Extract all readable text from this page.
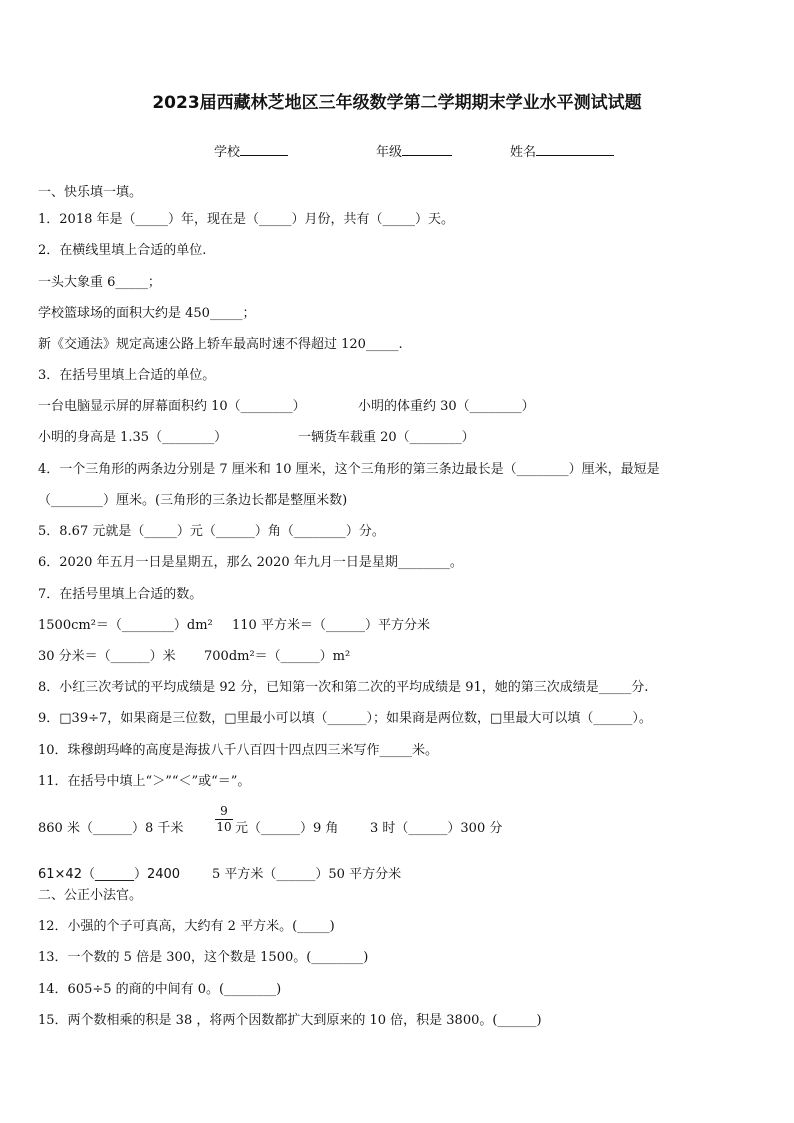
2023届西藏林芝地区三年级数学第二学期期末学业水平测试试题
学校	年级	姓名
一、快乐填一填。
1．2018 年是（_____）年，现在是（_____）月份，共有（_____）天。
2．在横线里填上合适的单位.
一头大象重 6_____；
学校篮球场的面积大约是 450_____；
新《交通法》规定高速公路上轿车最高时速不得超过 120_____.
3．在括号里填上合适的单位。
一台电脑显示屏的屏幕面积约 10（________）	小明的体重约 30（________）
小明的身高是 1.35（________）	一辆货车载重 20（________）
4．一个三角形的两条边分别是 7 厘米和 10 厘米，这个三角形的第三条边最长是（________）厘米，最短是
（________）厘米。(三角形的三条边长都是整厘米数)
5．8.67 元就是（_____）元（______）角（________）分。
6．2020 年五月一日是星期五，那么 2020 年九月一日是星期________。
7．在括号里填上合适的数。
1500cm²＝（________）dm² 110 平方米＝（______）平方分米
30 分米＝（______）米 700dm²＝（______）m²
8．小红三次考试的平均成绩是 92 分，已知第一次和第二次的平均成绩是 91，她的第三次成绩是_____分.
9．□39÷7，如果商是三位数，□里最小可以填（______）；如果商是两位数，□里最大可以填（______）。
10．珠穆朗玛峰的高度是海拔八千八百四十四点四三米写作_____米。
11．在括号中填上“＞”“＜”或“＝”。
860 米（______）8 千米	$\frac{9}{10}$ 元（______）9 角 3 时（______）300 分
61×42（______）2400 5 平方米（______）50 平方分米
二、公正小法官。
12．小强的个子可真高，大约有 2 平方米。(_____)
13．一个数的 5 倍是 300，这个数是 1500。(________)
14．605÷5 的商的中间有 0。(________)
15．两个数相乘的积是 38 ，将两个因数都扩大到原来的 10 倍，积是 3800。(______)
